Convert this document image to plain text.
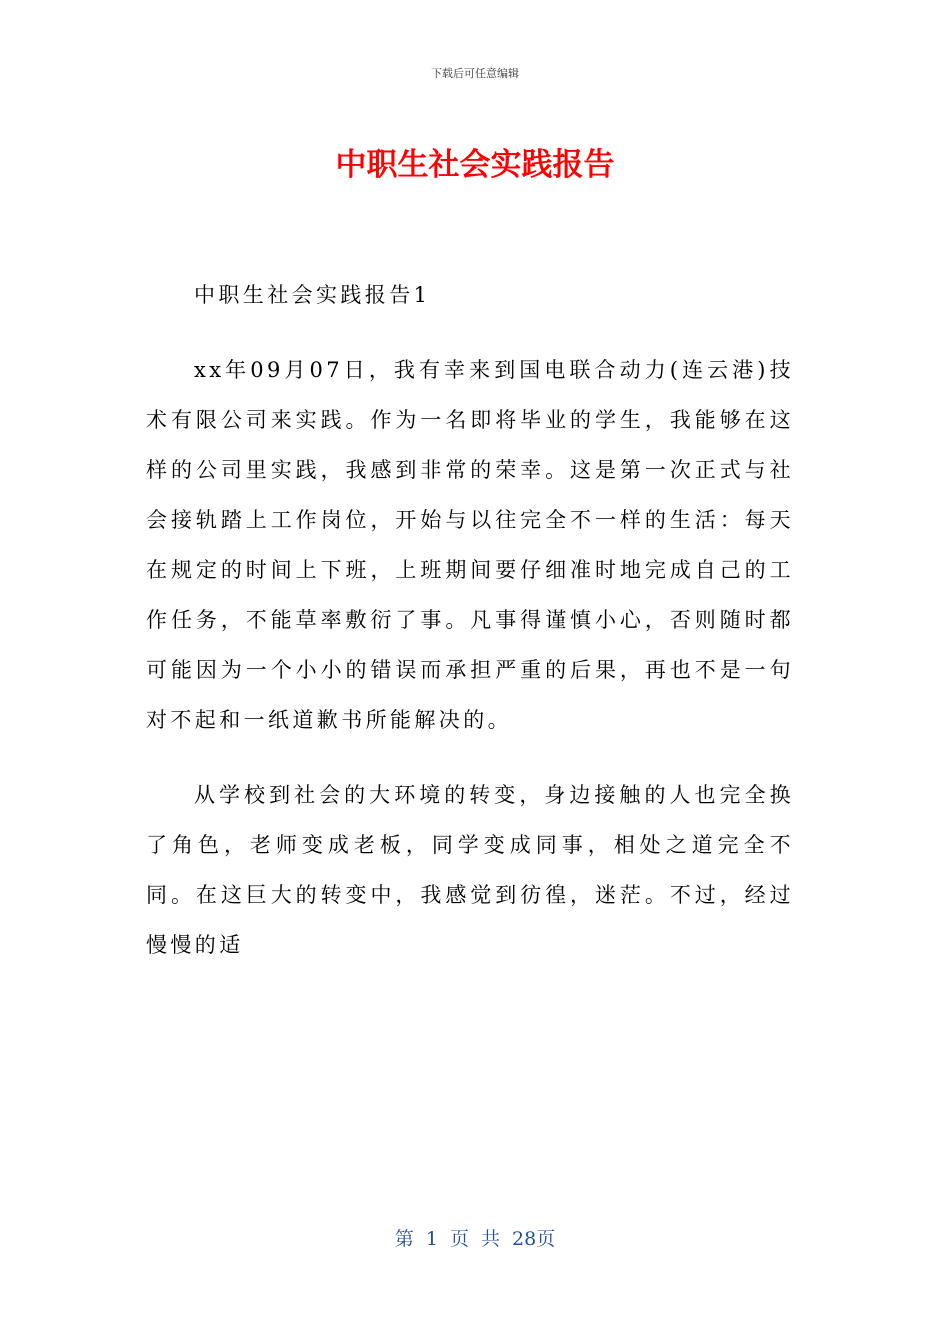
下载后可任意编辑
中职生社会实践报告

中职生社会实践报告1

xx年09月07日，我有幸来到国电联合动力(连云港)技术有限公司来实践。作为一名即将毕业的学生，我能够在这样的公司里实践，我感到非常的荣幸。这是第一次正式与社会接轨踏上工作岗位，开始与以往完全不一样的生活：每天在规定的时间上下班，上班期间要仔细准时地完成自己的工作任务，不能草率敷衍了事。凡事得谨慎小心，否则随时都可能因为一个小小的错误而承担严重的后果，再也不是一句对不起和一纸道歉书所能解决的。

从学校到社会的大环境的转变，身边接触的人也完全换了角色，老师变成老板，同学变成同事，相处之道完全不同。在这巨大的转变中，我感觉到彷徨，迷茫。不过，经过慢慢的适

第 1 页 共 28页
